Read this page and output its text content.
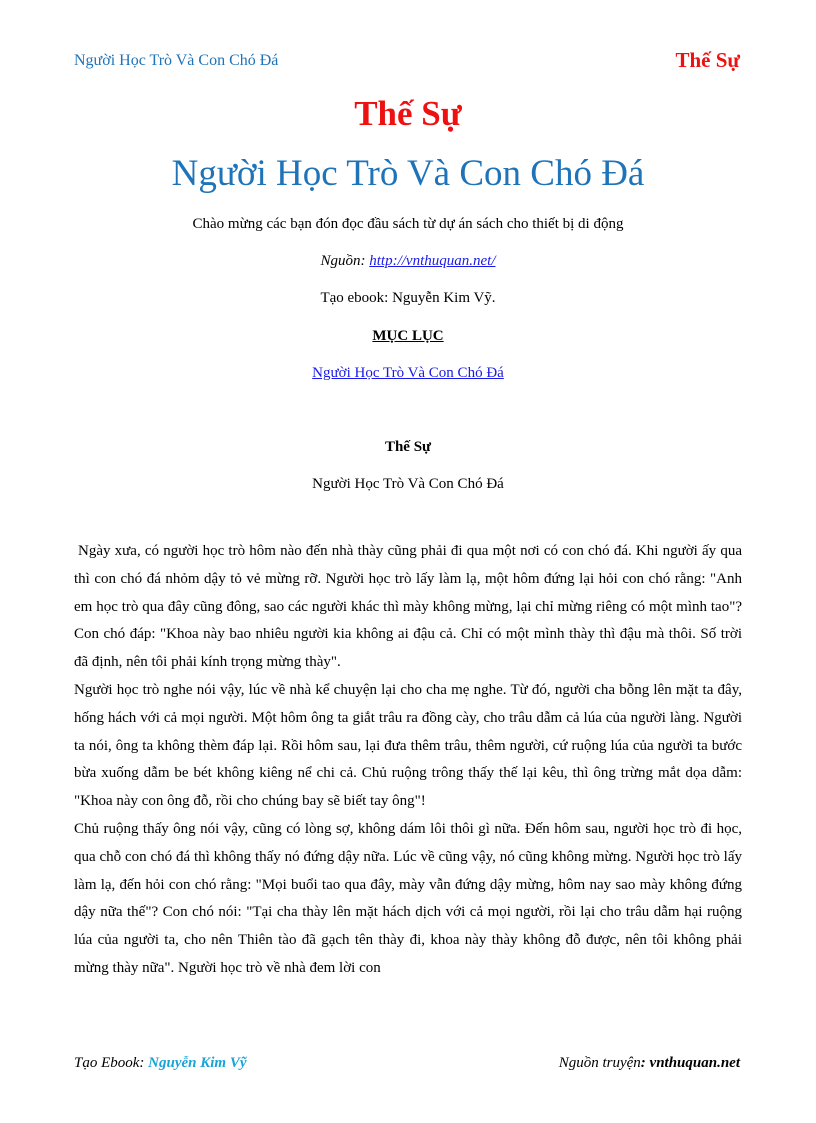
Người Học Trò Và Con Chó Đá	Thế Sự
Thế Sự
Người Học Trò Và Con Chó Đá
Chào mừng các bạn đón đọc đầu sách từ dự án sách cho thiết bị di động
Nguồn: http://vnthuquan.net/
Tạo ebook: Nguyễn Kim Vỹ.
MỤC LỤC
Người Học Trò Và Con Chó Đá
Thế Sự
Người Học Trò Và Con Chó Đá

Ngày xưa, có người học trò hôm nào đến nhà thày cũng phải đi qua một nơi có con chó đá. Khi người ấy qua thì con chó đá nhỏm dậy tỏ vẻ mừng rỡ. Người học trò lấy làm lạ, một hôm đứng lại hỏi con chó rằng: "Anh em học trò qua đây cũng đông, sao các người khác thì mày không mừng, lại chỉ mừng riêng có một mình tao"? Con chó đáp: "Khoa này bao nhiêu người kia không ai đậu cả. Chỉ có một mình thày thì đậu mà thôi. Số trời đã định, nên tôi phải kính trọng mừng thày".

Người học trò nghe nói vậy, lúc về nhà kể chuyện lại cho cha mẹ nghe. Từ đó, người cha bỗng lên mặt ta đây, hống hách với cả mọi người. Một hôm ông ta giắt trâu ra đồng cày, cho trâu dẫm cả lúa của người làng. Người ta nói, ông ta không thèm đáp lại. Rồi hôm sau, lại đưa thêm trâu, thêm người, cứ ruộng lúa của người ta bước bừa xuống dẫm be bét không kiêng nể chi cả. Chủ ruộng trông thấy thế lại kêu, thì ông trừng mắt dọa dẫm: "Khoa này con ông đỗ, rồi cho chúng bay sẽ biết tay ông"!

Chủ ruộng thấy ông nói vậy, cũng có lòng sợ, không dám lôi thôi gì nữa. Đến hôm sau, người học trò đi học, qua chỗ con chó đá thì không thấy nó đứng dậy nữa. Lúc về cũng vậy, nó cũng không mừng. Người học trò lấy làm lạ, đến hỏi con chó rằng: "Mọi buổi tao qua đây, mày vẫn đứng dậy mừng, hôm nay sao mày không đứng dậy nữa thế"? Con chó nói: "Tại cha thày lên mặt hách dịch với cả mọi người, rồi lại cho trâu dẫm hại ruộng lúa của người ta, cho nên Thiên tào đã gạch tên thày đi, khoa này thày không đỗ được, nên tôi không phải mừng thày nữa". Người học trò về nhà đem lời con

Tạo Ebook: Nguyễn Kim Vỹ	Nguồn truyện: vnthuquan.net
